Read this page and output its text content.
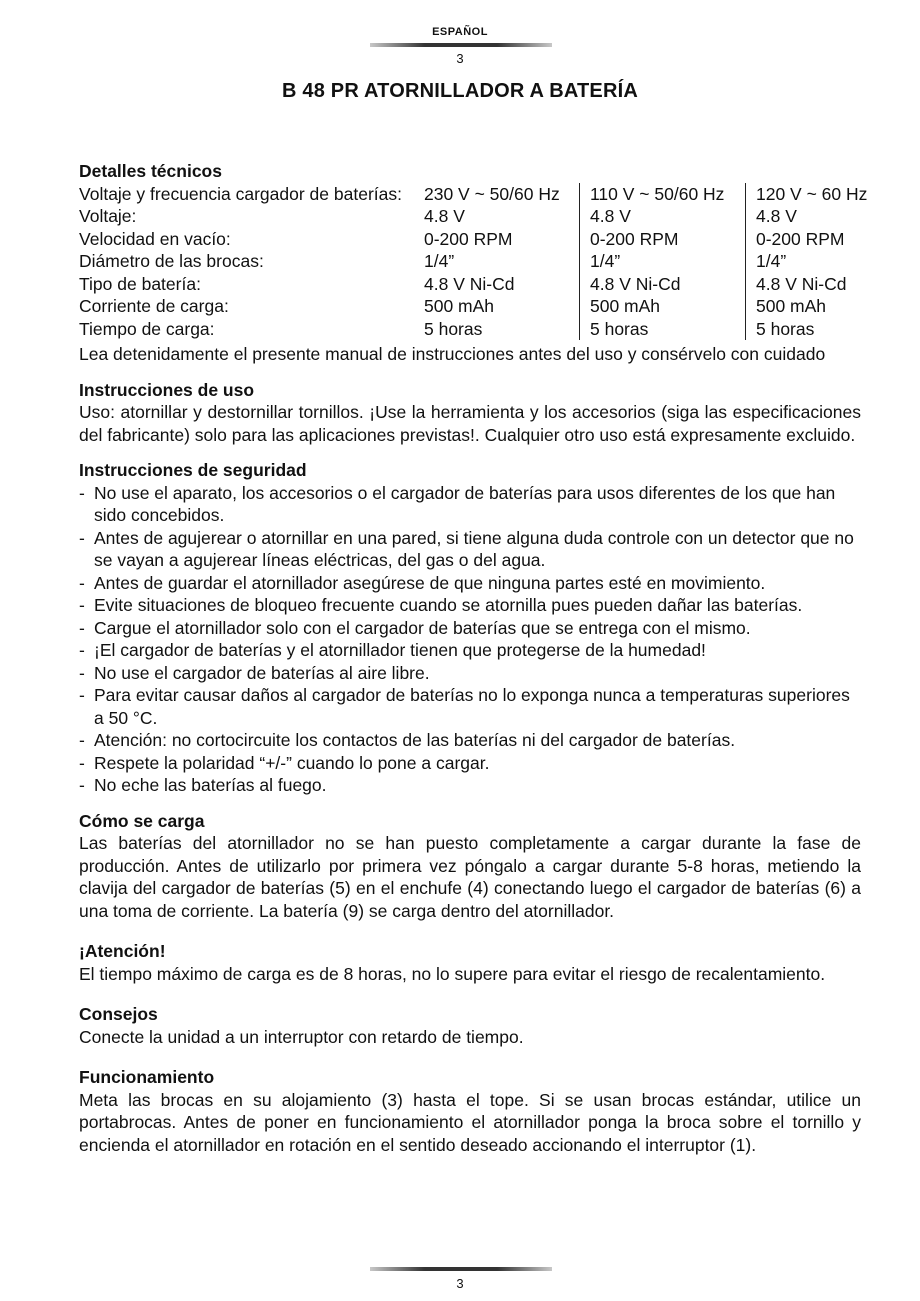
ESPAÑOL
3
B 48 PR ATORNILLADOR A BATERÍA
Detalles técnicos
Voltaje y frecuencia cargador de baterías:	230 V ~ 50/60 Hz	110 V ~ 50/60 Hz	120 V ~ 60 Hz
Voltaje:	4.8 V	4.8 V	4.8 V
Velocidad en vacío:	0-200 RPM	0-200 RPM	0-200 RPM
Diámetro de las brocas:	1/4”	1/4”	1/4”
Tipo de batería:	4.8 V Ni-Cd	4.8 V Ni-Cd	4.8 V Ni-Cd
Corriente de carga:	500 mAh	500 mAh	500 mAh
Tiempo de carga:	5 horas	5 horas	5 horas

Lea detenidamente el presente manual de instrucciones antes del uso y consérvelo con cuidado

Instrucciones de uso

Uso: atornillar y destornillar tornillos. ¡Use la herramienta y los accesorios (siga las especificaciones del fabricante) solo para las aplicaciones previstas!. Cualquier otro uso está expresamente excluido.

Instrucciones de seguridad
- No use el aparato, los accesorios o el cargador de baterías para usos diferentes de los que han sido concebidos.
- Antes de agujerear o atornillar en una pared, si tiene alguna duda controle con un detector que no se vayan a agujerear líneas eléctricas, del gas o del agua.
- Antes de guardar el atornillador asegúrese de que ninguna partes esté en movimiento.
- Evite situaciones de bloqueo frecuente cuando se atornilla pues pueden dañar las baterías.
- Cargue el atornillador solo con el cargador de baterías que se entrega con el mismo.
- ¡El cargador de baterías y el atornillador tienen que protegerse de la humedad!
- No use el cargador de baterías al aire libre.
- Para evitar causar daños al cargador de baterías no lo exponga nunca a temperaturas superiores a 50 °C.
- Atención: no cortocircuite los contactos de las baterías ni del cargador de baterías.
- Respete la polaridad “+/-” cuando lo pone a cargar.
- No eche las baterías al fuego.
Cómo se carga

Las baterías del atornillador no se han puesto completamente a cargar durante la fase de producción. Antes de utilizarlo por primera vez póngalo a cargar durante 5-8 horas, metiendo la clavija del cargador de baterías (5) en el enchufe (4) conectando luego el cargador de baterías (6) a una toma de corriente. La batería (9) se carga dentro del atornillador.

¡Atención!

El tiempo máximo de carga es de 8 horas, no lo supere para evitar el riesgo de recalentamiento.

Consejos

Conecte la unidad a un interruptor con retardo de tiempo.

Funcionamiento

Meta las brocas en su alojamiento (3) hasta el tope. Si se usan brocas estándar, utilice un portabrocas. Antes de poner en funcionamiento el atornillador ponga la broca sobre el tornillo y encienda el atornillador en rotación en el sentido deseado accionando el interruptor (1).

3
